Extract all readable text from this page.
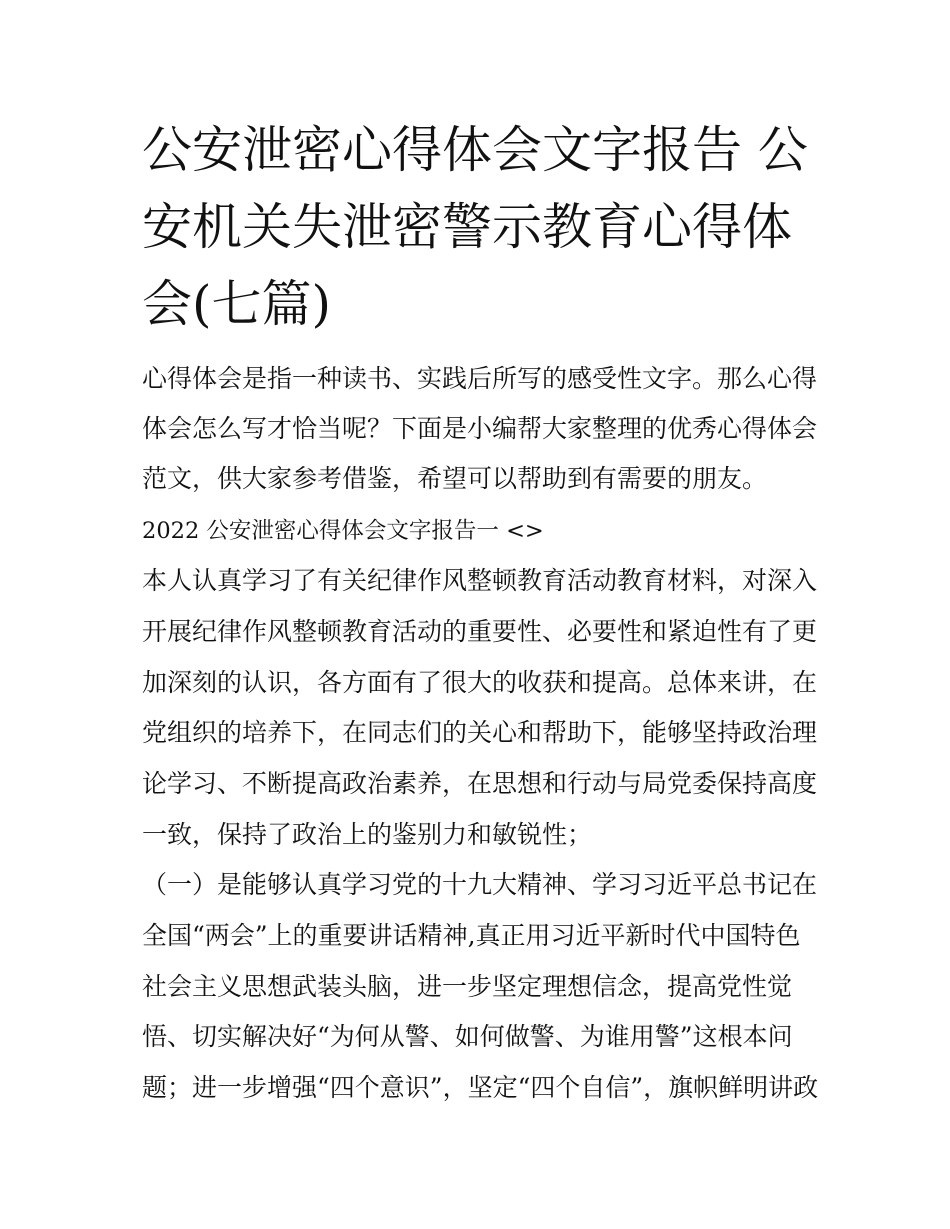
公安泄密心得体会文字报告 公安机关失泄密警示教育心得体会(七篇)

心得体会是指一种读书、实践后所写的感受性文字。那么心得

体会怎么写才恰当呢？下面是小编帮大家整理的优秀心得体会

范文，供大家参考借鉴，希望可以帮助到有需要的朋友。

2022 公安泄密心得体会文字报告一 <>

本人认真学习了有关纪律作风整顿教育活动教育材料，对深入

开展纪律作风整顿教育活动的重要性、必要性和紧迫性有了更

加深刻的认识，各方面有了很大的收获和提高。总体来讲，在

党组织的培养下，在同志们的关心和帮助下，能够坚持政治理

论学习、不断提高政治素养，在思想和行动与局党委保持高度

一致，保持了政治上的鉴别力和敏锐性；

（一）是能够认真学习党的十九大精神、学习习近平总书记在

全国“两会”上的重要讲话精神,真正用习近平新时代中国特色

社会主义思想武装头脑，进一步坚定理想信念，提高党性觉

悟、切实解决好“为何从警、如何做警、为谁用警”这根本问

题；进一步增强“四个意识”，坚定“四个自信”，旗帜鲜明讲政
